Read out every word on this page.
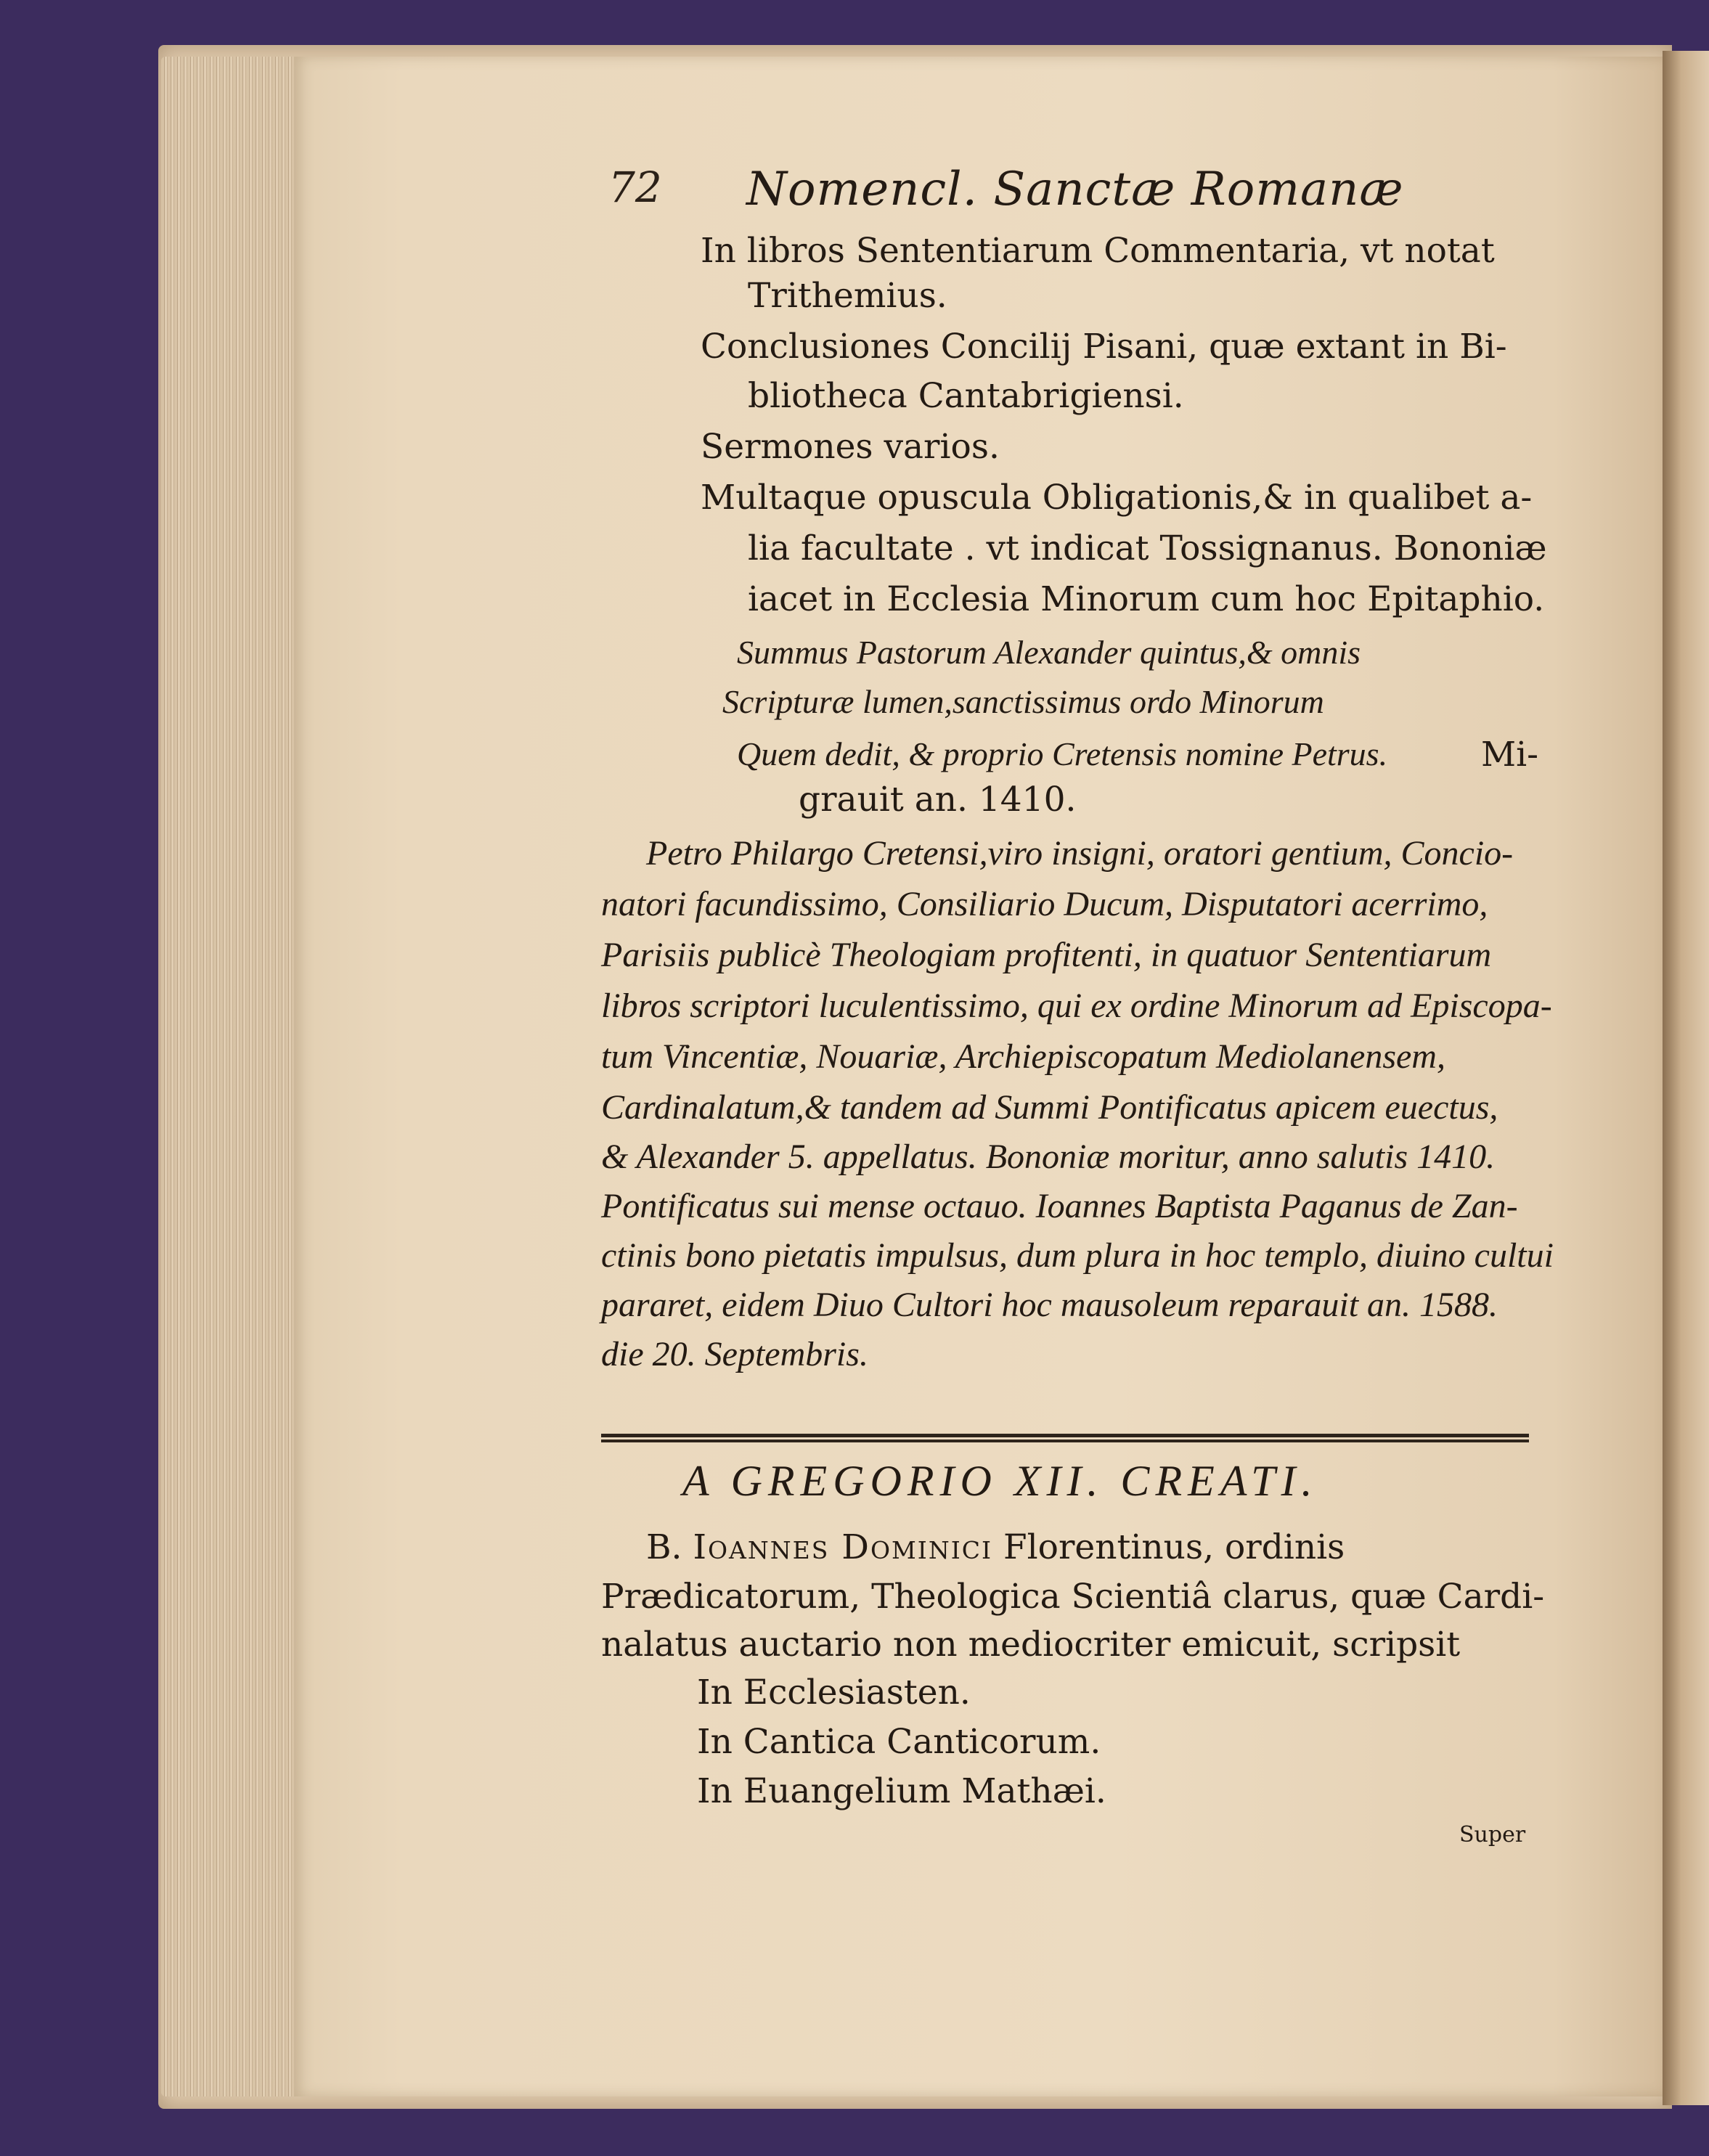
72 Nomencl. Sanctæ Romanæ
In libros Sententiarum Commentaria, vt notat
Trithemius.
Conclusiones Concilij Pisani, quæ extant in Bi-
bliotheca Cantabrigiensi.
Sermones varios.
Multaque opuscula Obligationis,& in qualibet a-
lia facultate . vt indicat Tossignanus. Bononiæ
iacet in Ecclesia Minorum cum hoc Epitaphio.
Summus Pastorum Alexander quintus,& omnis
Scripturæ lumen,sanctissimus ordo Minorum
Quem dedit, & proprio Cretensis nomine Petrus.	Mi-
grauit an. 1410.
Petro Philargo Cretensi,viro insigni, oratori gentium, Concio-
natori facundissimo, Consiliario Ducum, Disputatori acerrimo,
Parisiis publicè Theologiam profitenti, in quatuor Sententiarum
libros scriptori luculentissimo, qui ex ordine Minorum ad Episcopa-
tum Vincentiæ, Nouariæ, Archiepiscopatum Mediolanensem,
Cardinalatum,& tandem ad Summi Pontificatus apicem euectus,
& Alexander 5. appellatus. Bononiæ moritur, anno salutis 1410.
Pontificatus sui mense octauo. Ioannes Baptista Paganus de Zan-
ctinis bono pietatis impulsus, dum plura in hoc templo, diuino cultui
pararet, eidem Diuo Cultori hoc mausoleum reparauit an. 1588.
die 20. Septembris.
A GREGORIO XII. CREATI.
B. Ioannes Dominici Florentinus, ordinis
Prædicatorum, Theologica Scientiâ clarus, quæ Cardi-
nalatus auctario non mediocriter emicuit, scripsit
In Ecclesiasten.
In Cantica Canticorum.
In Euangelium Mathæi.
Super
